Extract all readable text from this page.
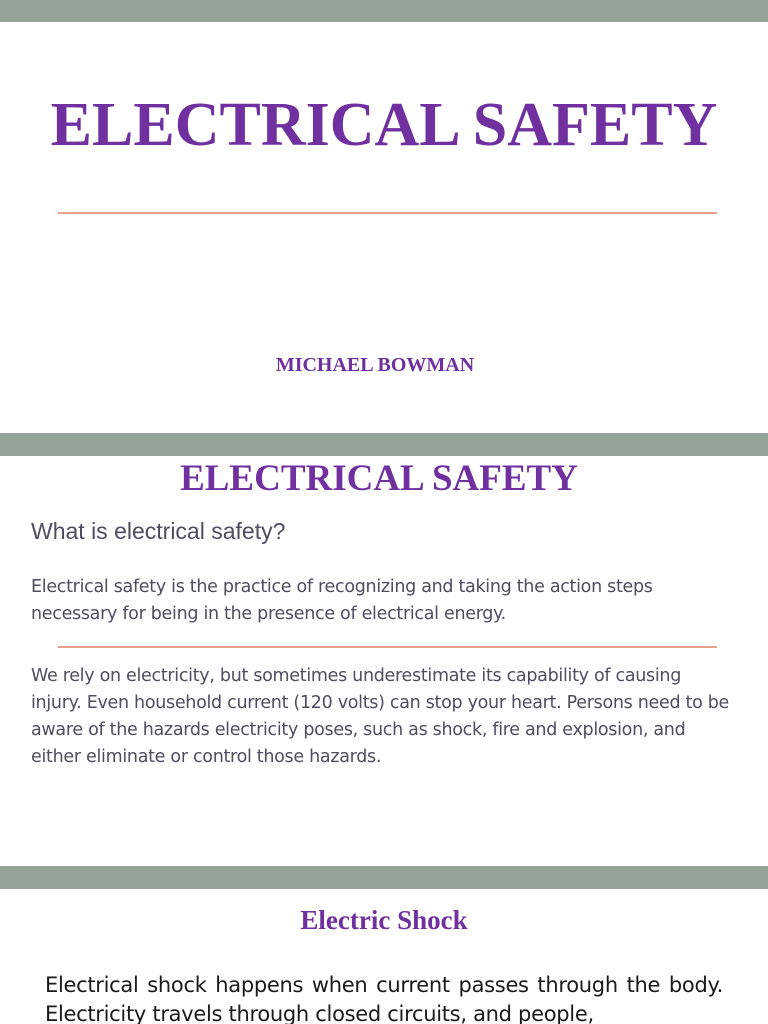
ELECTRICAL SAFETY

MICHAEL BOWMAN

ELECTRICAL SAFETY

What is electrical safety?

Electrical safety is the practice of recognizing and taking the action steps necessary for being in the presence of electrical energy.

We rely on electricity, but sometimes underestimate its capability of causing injury. Even household current (120 volts) can stop your heart. Persons need to be aware of the hazards electricity poses, such as shock, fire and explosion, and either eliminate or control those hazards.

Electric Shock

Electrical shock happens when current passes through the body. Electricity travels through closed circuits, and people,
